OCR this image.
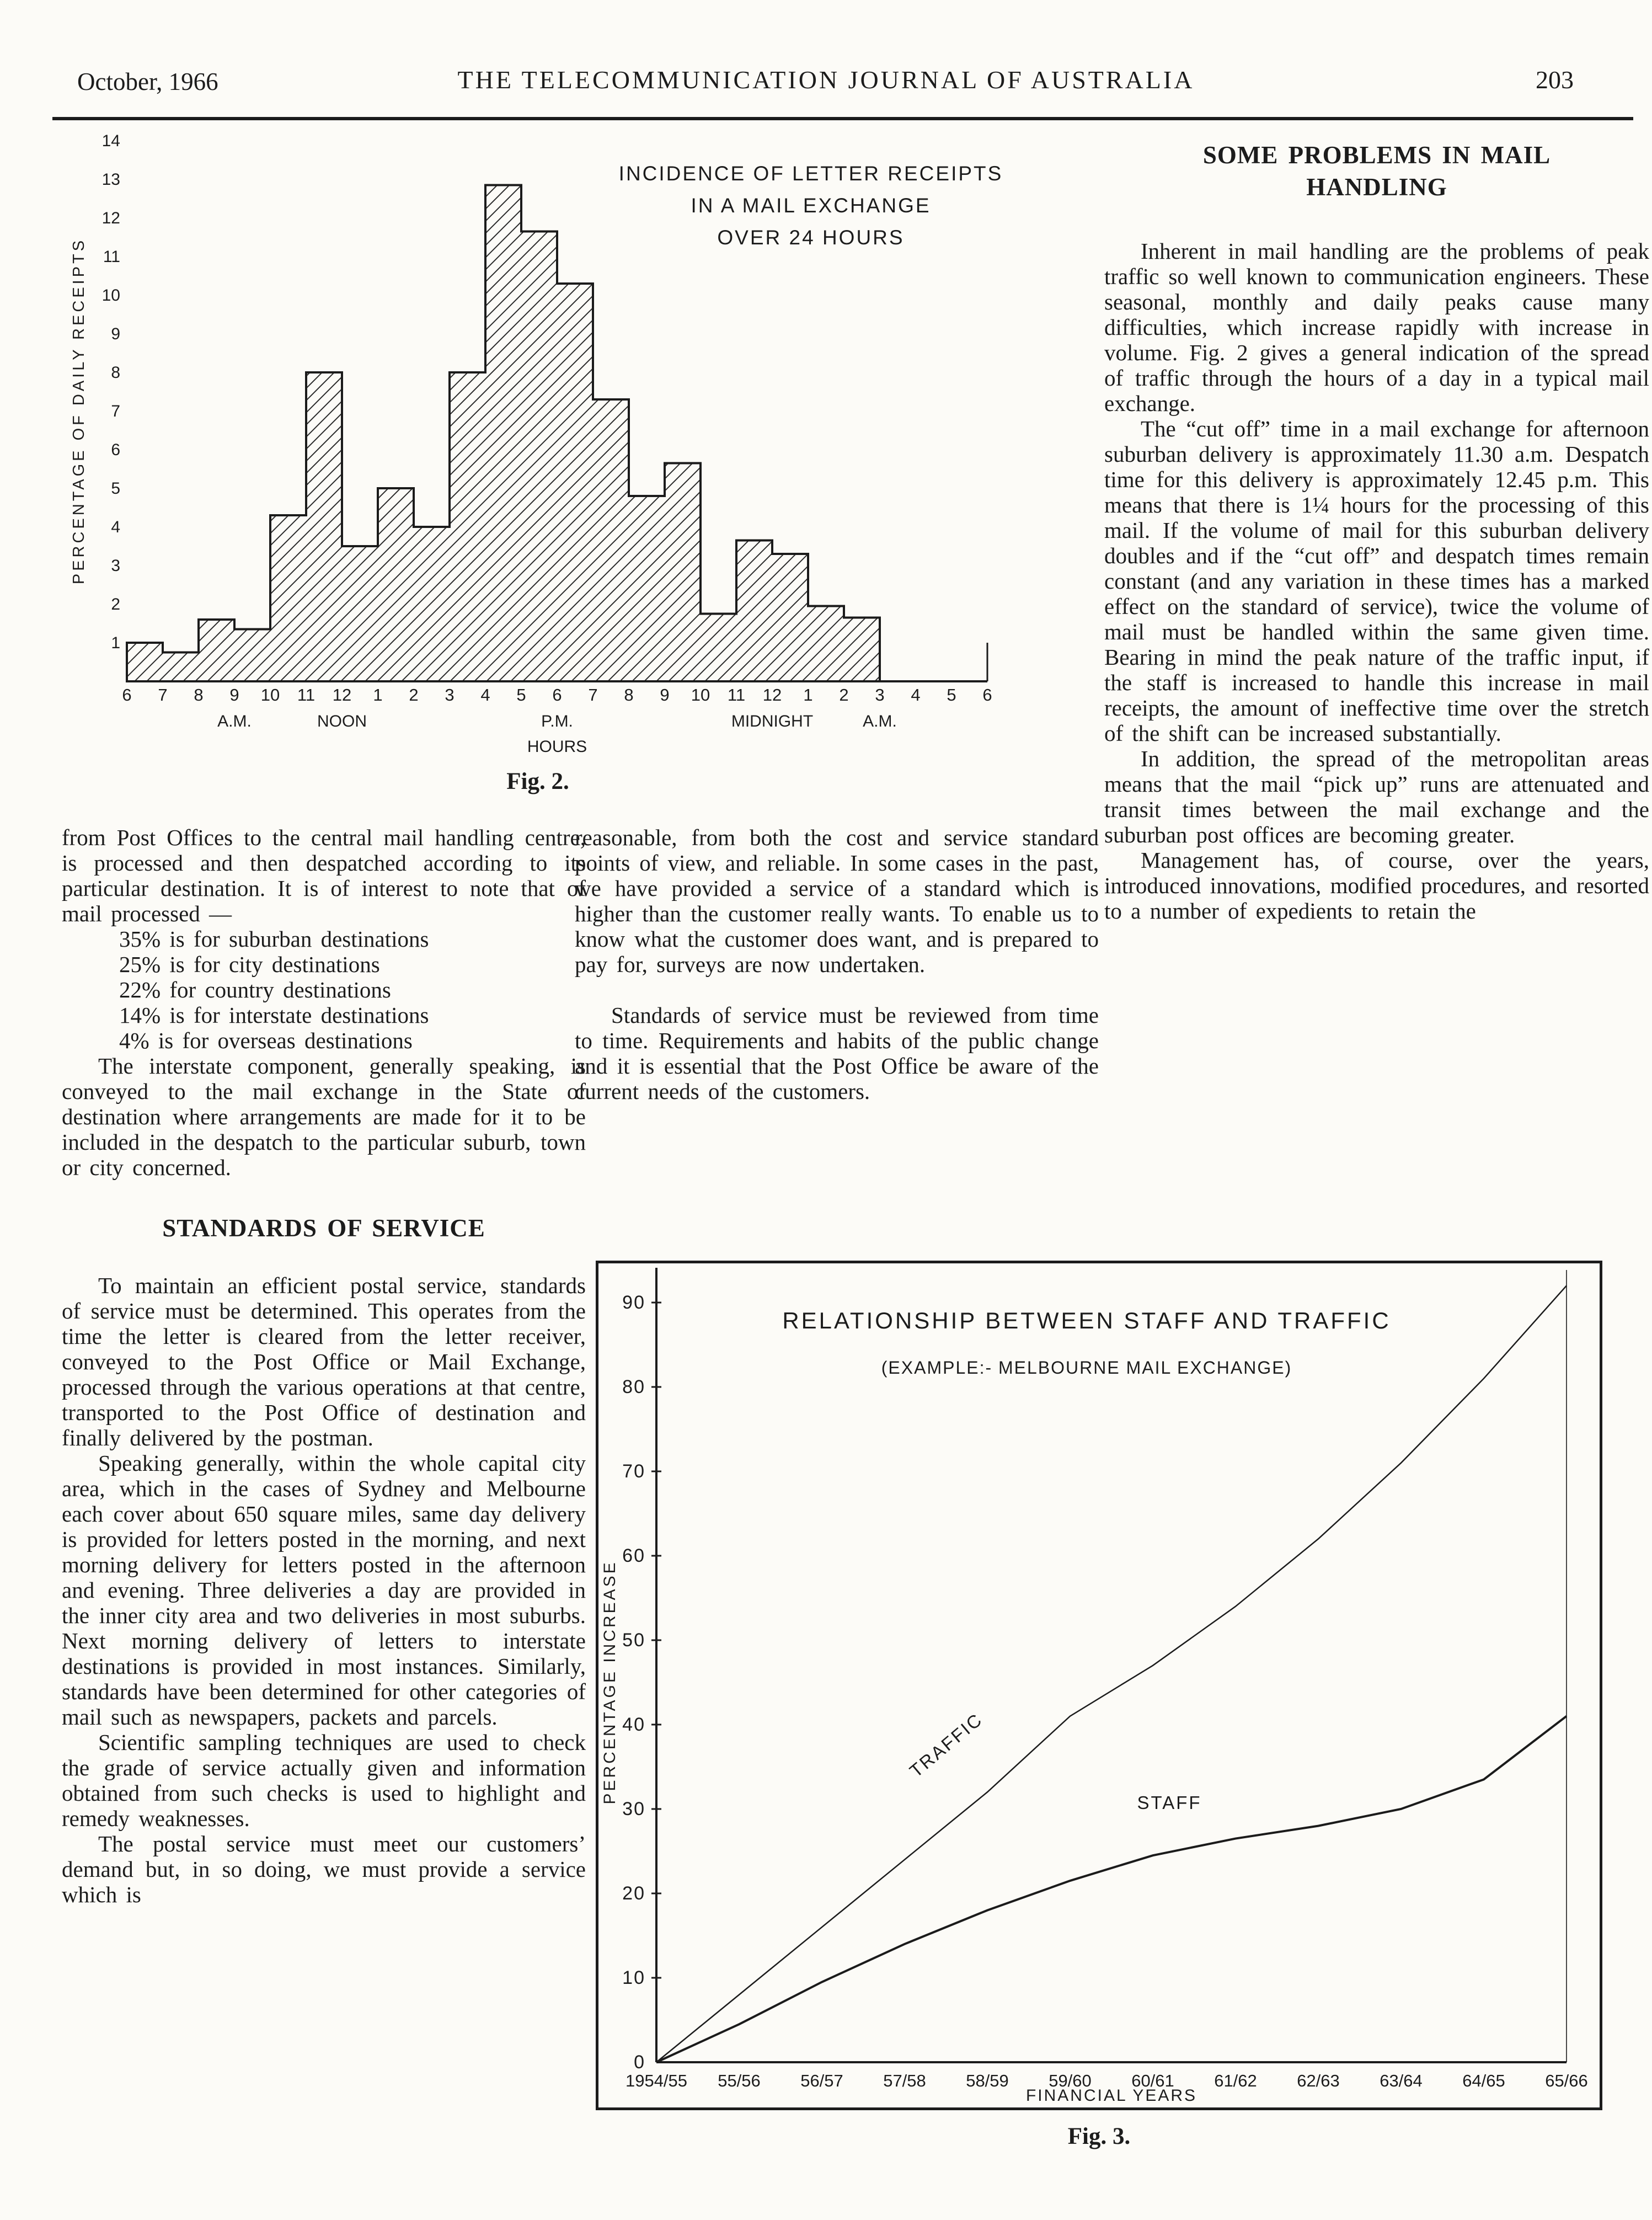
October, 1966	THE TELECOMMUNICATION JOURNAL OF AUSTRALIA	203
1
2
3
4
5
6
7
8
9
10
11
12
13
14
PERCENTAGE OF DAILY RECEIPTS
INCIDENCE OF LETTER RECEIPTS
IN A MAIL EXCHANGE
OVER 24 HOURS
6 7 8 9 10 11 12 1 2 3 4 5 6 7 8 9 10 11 12 1 2 3 4 5 6
A.M.	NOON	P.M.	MIDNIGHT	A.M.
HOURS
Fig. 2.
SOME PROBLEMS IN MAIL
HANDLING

Inherent in mail handling are the problems of peak traffic so well known to communication engineers. These seasonal, monthly and daily peaks cause many difficulties, which increase rapidly with increase in volume. Fig. 2 gives a general indication of the spread of traffic through the hours of a day in a typical mail exchange.

The “cut off” time in a mail exchange for afternoon suburban delivery is approximately 11.30 a.m. Despatch time for this delivery is approximately 12.45 p.m. This means that there is 1¼ hours for the processing of this mail. If the volume of mail for this suburban delivery doubles and if the “cut off” and despatch times remain constant (and any variation in these times has a marked effect on the standard of service), twice the volume of mail must be handled within the same given time. Bearing in mind the peak nature of the traffic input, if the staff is increased to handle this increase in mail receipts, the amount of ineffective time over the stretch of the shift can be increased substantially.

In addition, the spread of the metropolitan areas means that the mail “pick up” runs are attenuated and transit times between the mail exchange and the suburban post offices are becoming greater.

Management has, of course, over the years, introduced innovations, modified procedures, and resorted to a number of expedients to retain the

from Post Offices to the central mail handling centre, is processed and then despatched according to its particular destination. It is of interest to note that of mail processed —

35% is for suburban destinations
25% is for city destinations
22% for country destinations
14% is for interstate destinations
4% is for overseas destinations

The interstate component, generally speaking, is conveyed to the mail exchange in the State of destination where arrangements are made for it to be included in the despatch to the particular suburb, town or city concerned.

STANDARDS OF SERVICE

To maintain an efficient postal service, standards of service must be determined. This operates from the time the letter is cleared from the letter receiver, conveyed to the Post Office or Mail Exchange, processed through the various operations at that centre, transported to the Post Office of destination and finally delivered by the postman.

Speaking generally, within the whole capital city area, which in the cases of Sydney and Melbourne each cover about 650 square miles, same day delivery is provided for letters posted in the morning, and next morning delivery for letters posted in the afternoon and evening. Three deliveries a day are provided in the inner city area and two deliveries in most suburbs. Next morning delivery of letters to interstate destinations is provided in most instances. Similarly, standards have been determined for other categories of mail such as newspapers, packets and parcels.

Scientific sampling techniques are used to check the grade of service actually given and information obtained from such checks is used to highlight and remedy weaknesses.

The postal service must meet our customers’ demand but, in so doing, we must provide a service which is

reasonable, from both the cost and service standard points of view, and reliable. In some cases in the past, we have provided a service of a standard which is higher than the customer really wants. To enable us to know what the customer does want, and is prepared to pay for, surveys are now undertaken.

Standards of service must be reviewed from time to time. Requirements and habits of the public change and it is essential that the Post Office be aware of the current needs of the customers.

0
10
20
30
40
50
60
70
80
90
1954/55 55/56 56/57 57/58 58/59 59/60 60/61 61/62 62/63 63/64 64/65 65/66
FINANCIAL YEARS
PERCENTAGE INCREASE
RELATIONSHIP BETWEEN STAFF AND TRAFFIC
(EXAMPLE:- MELBOURNE MAIL EXCHANGE)
TRAFFIC
STAFF
Fig. 3.
